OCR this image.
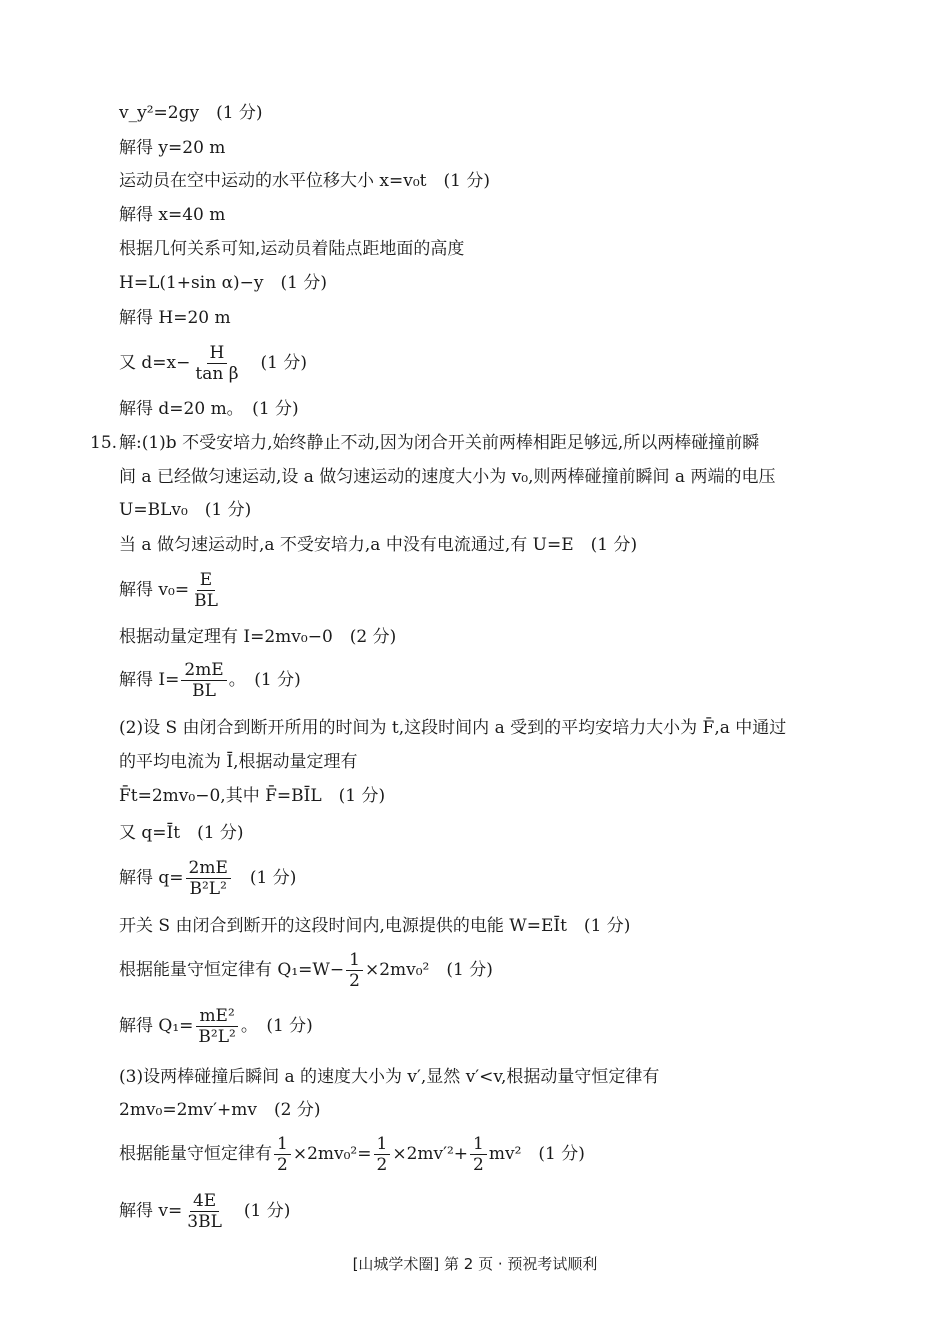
v_y²=2gy　(1 分)
解得 y=20 m
运动员在空中运动的水平位移大小 x=v₀t　(1 分)
解得 x=40 m
根据几何关系可知,运动员着陆点距地面的高度
H=L(1+sin α)−y　(1 分)
解得 H=20 m
又 $d=x- \frac{H}{\text{tan β}}$ 　(1 分)
解得 d=20 m。　(1 分)
15. 解:(1)b 不受安培力,始终静止不动,因为闭合开关前两棒相距足够远,所以两棒碰撞前瞬
间 a 已经做匀速运动,设 a 做匀速运动的速度大小为 v₀,则两棒碰撞前瞬间 a 两端的电压
U=BLv₀　(1 分)
当 a 做匀速运动时,a 不受安培力,a 中没有电流通过,有 U=E　(1 分)
解得 $v_0= \frac{E}{BL}$
根据动量定理有 I=2mv₀−0　(2 分)
解得 $I= \frac{2mE}{BL}$ 。　(1 分)
(2)设 S 由闭合到断开所用的时间为 t,这段时间内 a 受到的平均安培力大小为 F̄,a 中通过
的平均电流为 Ī,根据动量定理有
F̄t=2mv₀−0,其中 F̄=BĪL　(1 分)
又 q=Īt　(1 分)
解得 $q= \frac{2mE}{\text{B²L²}}$ 　(1 分)
开关 S 由闭合到断开的这段时间内,电源提供的电能 W=EĪt　(1 分)
根据能量守恒定律有 $Q_1=W- \frac{1}{2} \times 2mv_0^2$　(1 分)
解得 $Q_1= \frac{\text{mE²}}{\text{B²L²}}$ 。　(1 分)
(3)设两棒碰撞后瞬间 a 的速度大小为 v′,显然 v′<v,根据动量守恒定律有
2mv₀=2mv′+mv　(2 分)
根据能量守恒定律有 $\frac{1}{2} \times 2mv_0^2= \frac{1}{2} \times 2mv'^2+ \frac{1}{2} mv^2$　(1 分)
解得 $v= \frac{4E}{3BL}$ 　(1 分)
[山城学术圈] 第 2 页 · 预祝考试顺利
